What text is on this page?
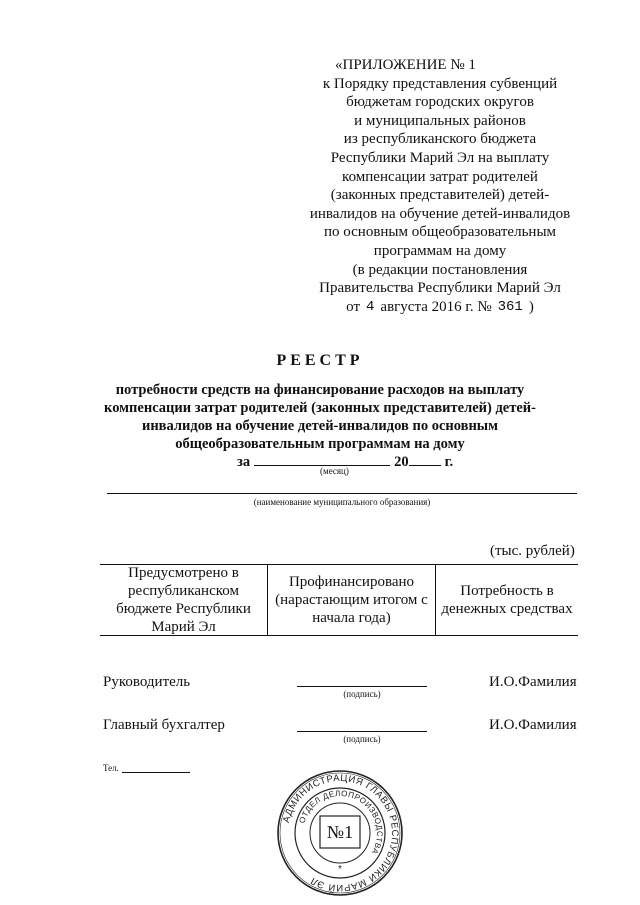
«ПРИЛОЖЕНИЕ № 1
к Порядку представления субвенций
бюджетам городских округов
и муниципальных районов
из республиканского бюджета
Республики Марий Эл на выплату
компенсации затрат родителей
(законных представителей) детей-
инвалидов на обучение детей-инвалидов
по основным общеобразовательным
программам на дому
(в редакции постановления
Правительства Республики Марий Эл
от 4 августа 2016 г. № 361 )
РЕЕСТР
потребности средств на финансирование расходов на выплату компенсации затрат родителей (законных представителей) детей-инвалидов на обучение детей-инвалидов по основным общеобразовательным программам на дому
за	20 г.
(месяц)
(наименование муниципального образования)
(тыс. рублей)
Предусмотрено в республиканском бюджете Республики Марий Эл
Профинансировано (нарастающим итогом с начала года)
Потребность в денежных средствах
Руководитель
(подпись)
И.О.Фамилия
Главный бухгалтер
(подпись)
И.О.Фамилия
Тел.
АДМИНИСТРАЦИЯ ГЛАВЫ РЕСПУБЛИКИ МАРИЙ ЭЛ
ОТДЕЛ ДЕЛОПРОИЗВОДСТВА
*
№1
